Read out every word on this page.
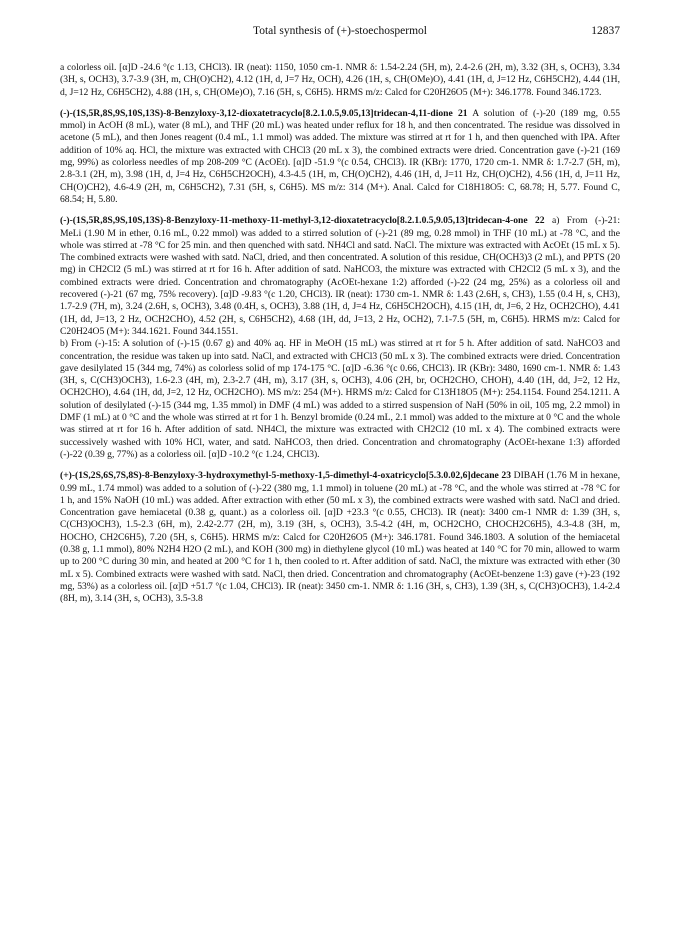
Total synthesis of (+)-stoechospermol	12837

a colorless oil. [α]D -24.6 °(c 1.13, CHCl3). IR (neat): 1150, 1050 cm-1. NMR δ: 1.54-2.24 (5H, m), 2.4-2.6 (2H, m), 3.32 (3H, s, OCH3), 3.34 (3H, s, OCH3), 3.7-3.9 (3H, m, CH(O)CH2), 4.12 (1H, d, J=7 Hz, OCH), 4.26 (1H, s, CH(OMe)O), 4.41 (1H, d, J=12 Hz, C6H5CH2), 4.44 (1H, d, J=12 Hz, C6H5CH2), 4.88 (1H, s, CH(OMe)O), 7.16 (5H, s, C6H5). HRMS m/z: Calcd for C20H26O5 (M+): 346.1778. Found 346.1723.

(-)-(1S,5R,8S,9S,10S,13S)-8-Benzyloxy-3,12-dioxatetracyclo[8.2.1.0.5,9.05,13]tridecan-4,11-dione 21 A solution of (-)-20 (189 mg, 0.55 mmol) in AcOH (8 mL), water (8 mL), and THF (20 mL) was heated under reflux for 18 h, and then concentrated. The residue was dissolved in acetone (5 mL), and then Jones reagent (0.4 mL, 1.1 mmol) was added. The mixture was stirred at rt for 1 h, and then quenched with IPA. After addition of 10% aq. HCl, the mixture was extracted with CHCl3 (20 mL x 3), the combined extracts were dried. Concentration gave (-)-21 (169 mg, 99%) as colorless needles of mp 208-209 °C (AcOEt). [α]D -51.9 °(c 0.54, CHCl3). IR (KBr): 1770, 1720 cm-1. NMR δ: 1.7-2.7 (5H, m), 2.8-3.1 (2H, m), 3.98 (1H, d, J=4 Hz, C6H5CH2OCH), 4.3-4.5 (1H, m, CH(O)CH2), 4.46 (1H, d, J=11 Hz, CH(O)CH2), 4.56 (1H, d, J=11 Hz, CH(O)CH2), 4.6-4.9 (2H, m, C6H5CH2), 7.31 (5H, s, C6H5). MS m/z: 314 (M+). Anal. Calcd for C18H18O5: C, 68.78; H, 5.77. Found C, 68.54; H, 5.80.

(-)-(1S,5R,8S,9S,10S,13S)-8-Benzyloxy-11-methoxy-11-methyl-3,12-dioxatetracyclo[8.2.1.0.5,9.05,13]tridecan-4-one 22 a) From (-)-21: MeLi (1.90 M in ether, 0.16 mL, 0.22 mmol) was added to a stirred solution of (-)-21 (89 mg, 0.28 mmol) in THF (10 mL) at -78 °C, and the whole was stirred at -78 °C for 25 min. and then quenched with satd. NH4Cl and satd. NaCl. The mixture was extracted with AcOEt (15 mL x 5). The combined extracts were washed with satd. NaCl, dried, and then concentrated. A solution of this residue, CH(OCH3)3 (2 mL), and PPTS (20 mg) in CH2Cl2 (5 mL) was stirred at rt for 16 h. After addition of satd. NaHCO3, the mixture was extracted with CH2Cl2 (5 mL x 3), and the combined extracts were dried. Concentration and chromatography (AcOEt-hexane 1:2) afforded (-)-22 (24 mg, 25%) as a colorless oil and recovered (-)-21 (67 mg, 75% recovery). [α]D -9.83 °(c 1.20, CHCl3). IR (neat): 1730 cm-1. NMR δ: 1.43 (2.6H, s, CH3), 1.55 (0.4 H, s, CH3), 1.7-2.9 (7H, m), 3.24 (2.6H, s, OCH3), 3.48 (0.4H, s, OCH3), 3.88 (1H, d, J=4 Hz, C6H5CH2OCH), 4.15 (1H, dt, J=6, 2 Hz, OCH2CHO), 4.41 (1H, dd, J=13, 2 Hz, OCH2CHO), 4.52 (2H, s, C6H5CH2), 4.68 (1H, dd, J=13, 2 Hz, OCH2), 7.1-7.5 (5H, m, C6H5). HRMS m/z: Calcd for C20H24O5 (M+): 344.1621. Found 344.1551.

b) From (-)-15: A solution of (-)-15 (0.67 g) and 40% aq. HF in MeOH (15 mL) was stirred at rt for 5 h. After addition of satd. NaHCO3 and concentration, the residue was taken up into satd. NaCl, and extracted with CHCl3 (50 mL x 3). The combined extracts were dried. Concentration gave desilylated 15 (344 mg, 74%) as colorless solid of mp 174-175 °C. [α]D -6.36 °(c 0.66, CHCl3). IR (KBr): 3480, 1690 cm-1. NMR δ: 1.43 (3H, s, C(CH3)OCH3), 1.6-2.3 (4H, m), 2.3-2.7 (4H, m), 3.17 (3H, s, OCH3), 4.06 (2H, br, OCH2CHO, CHOH), 4.40 (1H, dd, J=2, 12 Hz, OCH2CHO), 4.64 (1H, dd, J=2, 12 Hz, OCH2CHO). MS m/z: 254 (M+). HRMS m/z: Calcd for C13H18O5 (M+): 254.1154. Found 254.1211. A solution of desilylated (-)-15 (344 mg, 1.35 mmol) in DMF (4 mL) was added to a stirred suspension of NaH (50% in oil, 105 mg, 2.2 mmol) in DMF (1 mL) at 0 °C and the whole was stirred at rt for 1 h. Benzyl bromide (0.24 mL, 2.1 mmol) was added to the mixture at 0 °C and the whole was stirred at rt for 16 h. After addition of satd. NH4Cl, the mixture was extracted with CH2Cl2 (10 mL x 4). The combined extracts were successively washed with 10% HCl, water, and satd. NaHCO3, then dried. Concentration and chromatography (AcOEt-hexane 1:3) afforded (-)-22 (0.39 g, 77%) as a colorless oil. [α]D -10.2 °(c 1.24, CHCl3).

(+)-(1S,2S,6S,7S,8S)-8-Benzyloxy-3-hydroxymethyl-5-methoxy-1,5-dimethyl-4-oxatricyclo[5.3.0.02,6]decane 23 DIBAH (1.76 M in hexane, 0.99 mL, 1.74 mmol) was added to a solution of (-)-22 (380 mg, 1.1 mmol) in toluene (20 mL) at -78 °C, and the whole was stirred at -78 °C for 1 h, and 15% NaOH (10 mL) was added. After extraction with ether (50 mL x 3), the combined extracts were washed with satd. NaCl and dried. Concentration gave hemiacetal (0.38 g, quant.) as a colorless oil. [α]D +23.3 °(c 0.55, CHCl3). IR (neat): 3400 cm-1 NMR d: 1.39 (3H, s, C(CH3)OCH3), 1.5-2.3 (6H, m), 2.42-2.77 (2H, m), 3.19 (3H, s, OCH3), 3.5-4.2 (4H, m, OCH2CHO, CHOCH2C6H5), 4.3-4.8 (3H, m, HOCHO, CH2C6H5), 7.20 (5H, s, C6H5). HRMS m/z: Calcd for C20H26O5 (M+): 346.1781. Found 346.1803. A solution of the hemiacetal (0.38 g, 1.1 mmol), 80% N2H4 H2O (2 mL), and KOH (300 mg) in diethylene glycol (10 mL) was heated at 140 °C for 70 min, allowed to warm up to 200 °C during 30 min, and heated at 200 °C for 1 h, then cooled to rt. After addition of satd. NaCl, the mixture was extracted with ether (30 mL x 5). Combined extracts were washed with satd. NaCl, then dried. Concentration and chromatography (AcOEt-benzene 1:3) gave (+)-23 (192 mg, 53%) as a colorless oil. [α]D +51.7 °(c 1.04, CHCl3). IR (neat): 3450 cm-1. NMR δ: 1.16 (3H, s, CH3), 1.39 (3H, s, C(CH3)OCH3), 1.4-2.4 (8H, m), 3.14 (3H, s, OCH3), 3.5-3.8
